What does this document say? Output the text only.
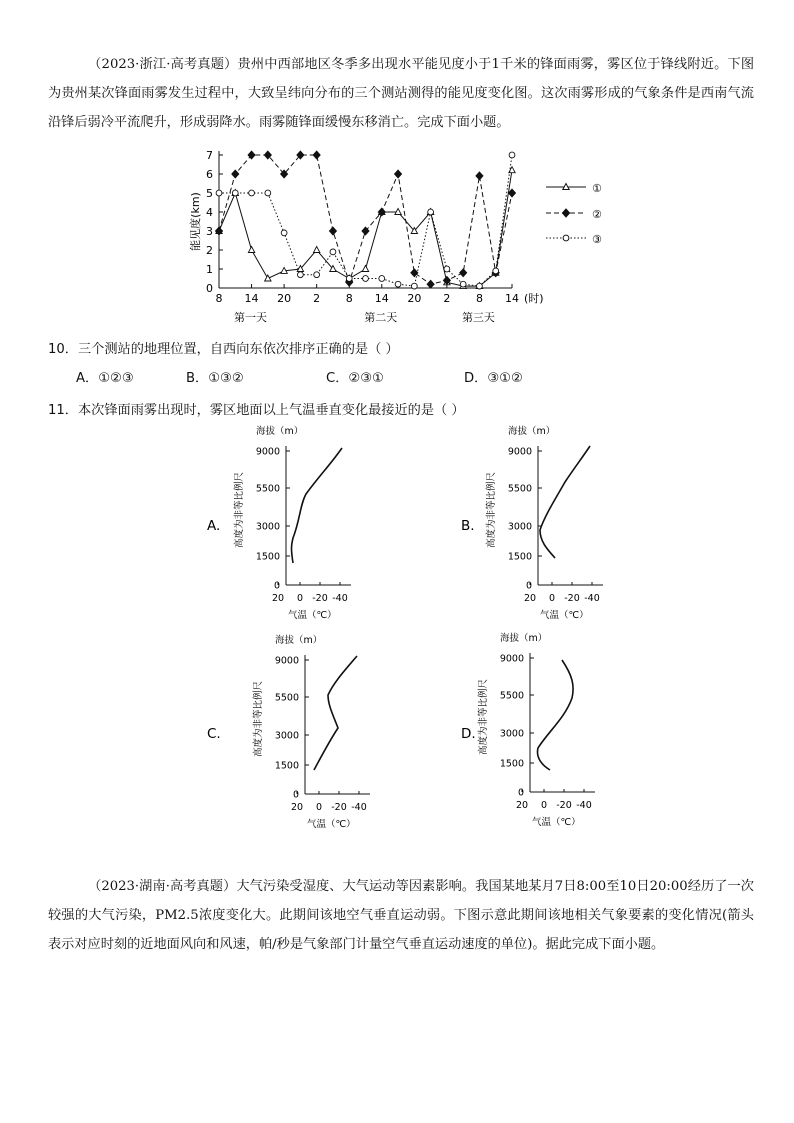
（2023·浙江·高考真题）贵州中西部地区冬季多出现水平能见度小于1千米的锋面雨雾，雾区位于锋线附近。下图为贵州某次锋面雨雾发生过程中，大致呈纬向分布的三个测站测得的能见度变化图。这次雨雾形成的气象条件是西南气流沿锋后弱冷平流爬升，形成弱降水。雨雾随锋面缓慢东移消亡。完成下面小题。
0
1
2
3
4
5
6
7
8 14 20 2 8 14 20 2 8 14 (时)
能见度(km)
第一天	第二天	第三天
①
②
③
10．三个测站的地理位置，自西向东依次排序正确的是（ ）
A．①②③	B．①③②	C．②③①	D．③①②
11．本次锋面雨雾出现时，雾区地面以上气温垂直变化最接近的是（ ）
海拔（m）
0
1500
3000
5500
9000
20 0 -20 -40
气温（℃）
高度为非等比例尺
A.
海拔（m）
0
1500
3000
5500
9000
20 0 -20 -40
气温（℃）
高度为非等比例尺
B.
海拔（m）
0
1500
3000
5500
9000
20 0 -20 -40
气温（℃）
高度为非等比例尺
C.
海拔（m）
0
1500
3000
5500
9000
20 0 -20 -40
气温（℃）
高度为非等比例尺
D.
（2023·湖南·高考真题）大气污染受湿度、大气运动等因素影响。我国某地某月7日8:00至10日20:00经历了一次较强的大气污染，PM2.5浓度变化大。此期间该地空气垂直运动弱。下图示意此期间该地相关气象要素的变化情况(箭头表示对应时刻的近地面风向和风速，帕/秒是气象部门计量空气垂直运动速度的单位)。据此完成下面小题。
